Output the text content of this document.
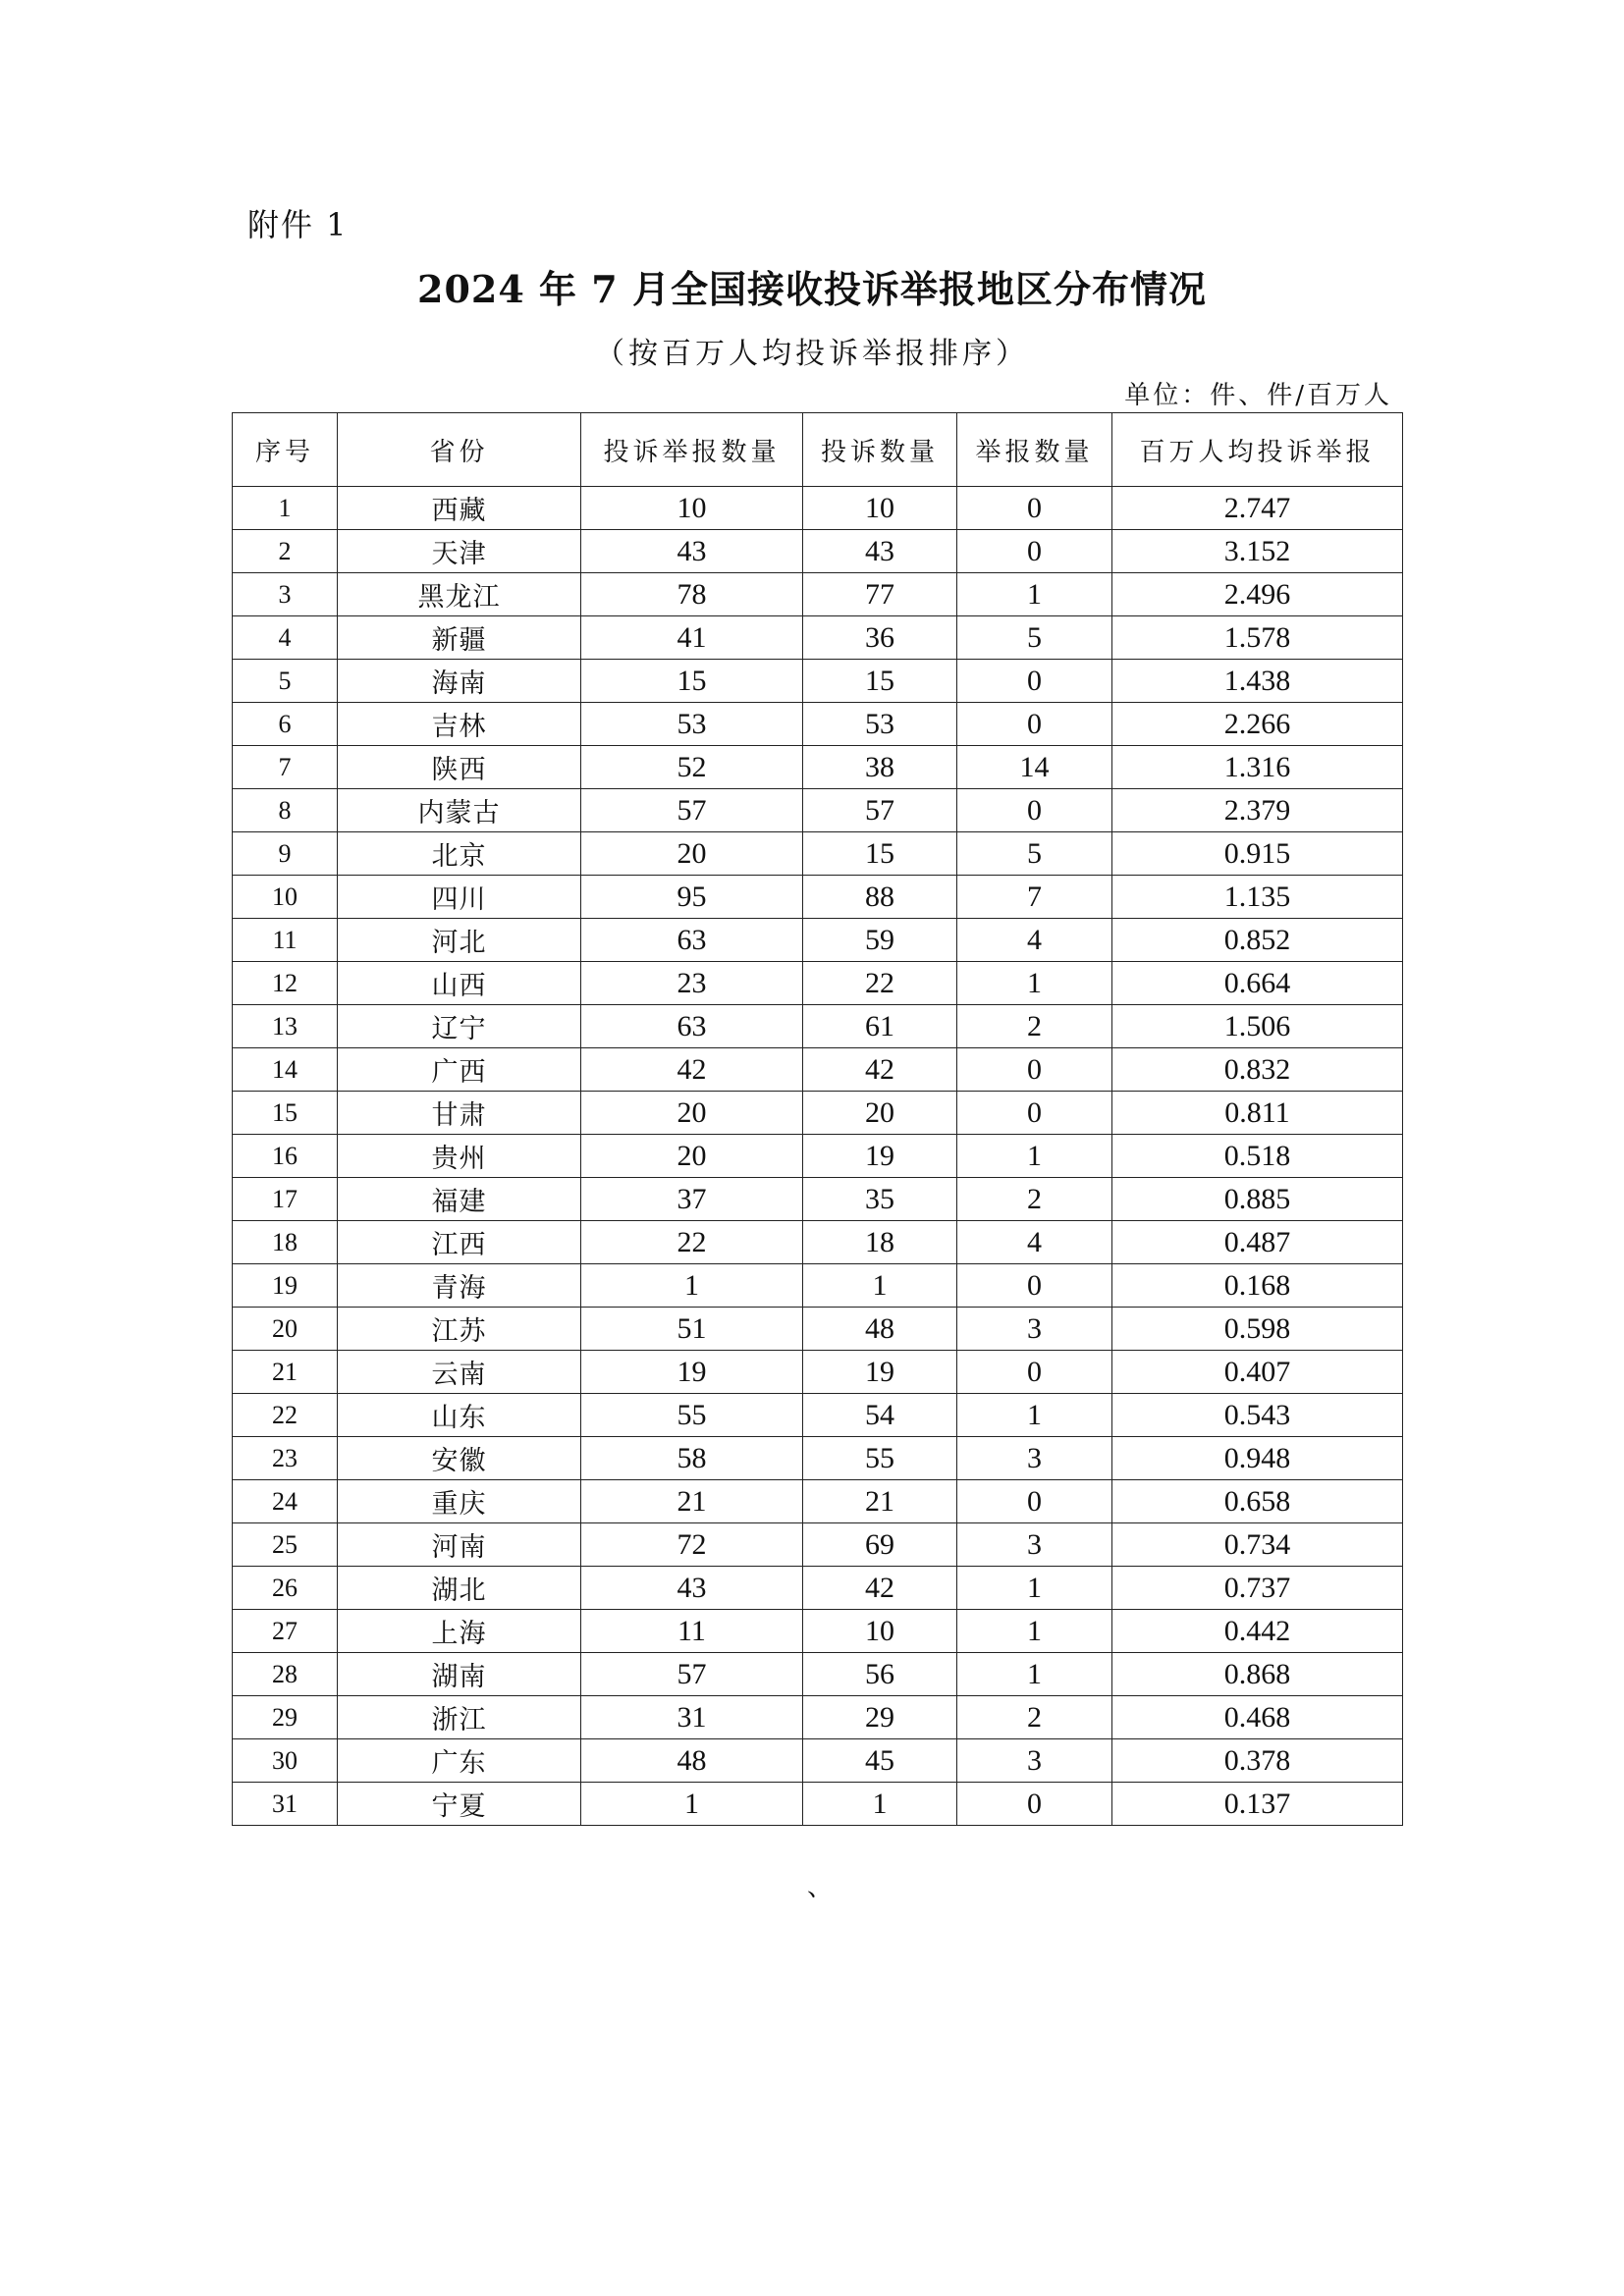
附件 1
2024 年 7 月全国接收投诉举报地区分布情况
（按百万人均投诉举报排序）
单位：件、件/百万人
序号	省份	投诉举报数量	投诉数量	举报数量	百万人均投诉举报
1	西藏	10	10	0	2.747
2	天津	43	43	0	3.152
3	黑龙江	78	77	1	2.496
4	新疆	41	36	5	1.578
5	海南	15	15	0	1.438
6	吉林	53	53	0	2.266
7	陕西	52	38	14	1.316
8	内蒙古	57	57	0	2.379
9	北京	20	15	5	0.915
10	四川	95	88	7	1.135
11	河北	63	59	4	0.852
12	山西	23	22	1	0.664
13	辽宁	63	61	2	1.506
14	广西	42	42	0	0.832
15	甘肃	20	20	0	0.811
16	贵州	20	19	1	0.518
17	福建	37	35	2	0.885
18	江西	22	18	4	0.487
19	青海	1	1	0	0.168
20	江苏	51	48	3	0.598
21	云南	19	19	0	0.407
22	山东	55	54	1	0.543
23	安徽	58	55	3	0.948
24	重庆	21	21	0	0.658
25	河南	72	69	3	0.734
26	湖北	43	42	1	0.737
27	上海	11	10	1	0.442
28	湖南	57	56	1	0.868
29	浙江	31	29	2	0.468
30	广东	48	45	3	0.378
31	宁夏	1	1	0	0.137
、
